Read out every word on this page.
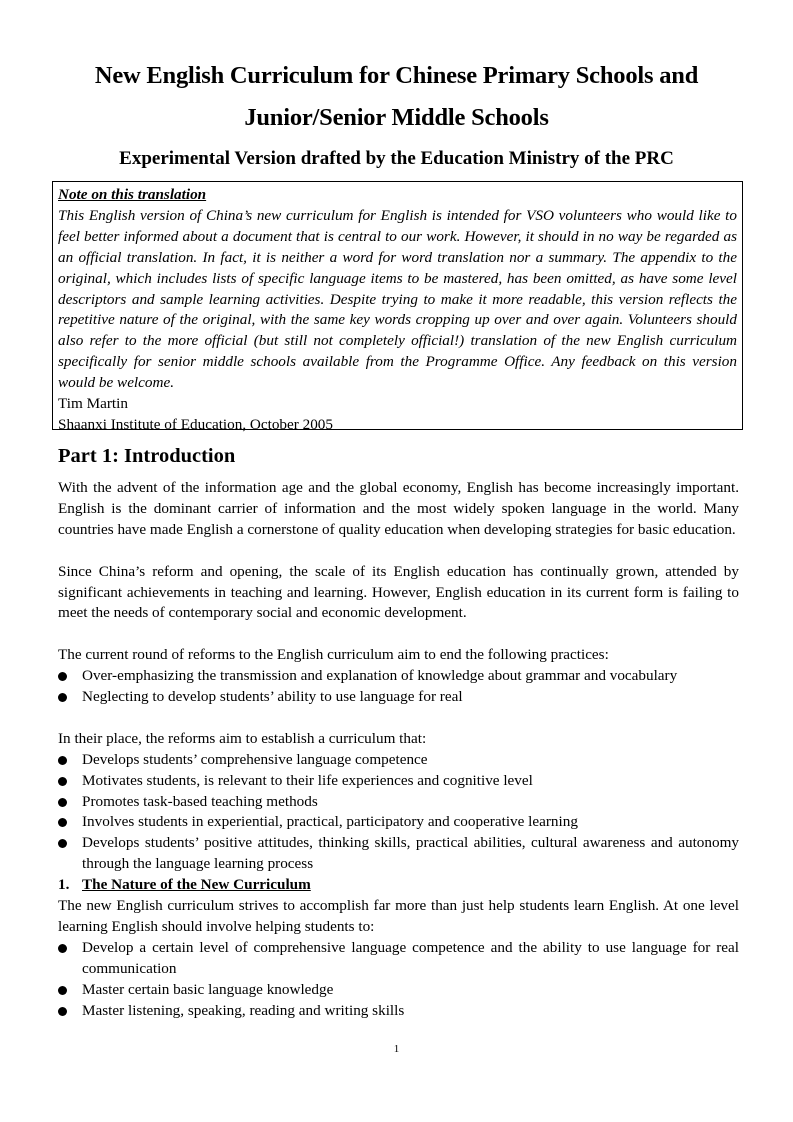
New English Curriculum for Chinese Primary Schools and
Junior/Senior Middle Schools
Experimental Version drafted by the Education Ministry of the PRC
Note on this translation
This English version of China’s new curriculum for English is intended for VSO volunteers who would like to feel better informed about a document that is central to our work. However, it should in no way be regarded as an official translation. In fact, it is neither a word for word translation nor a summary. The appendix to the original, which includes lists of specific language items to be mastered, has been omitted, as have some level descriptors and sample learning activities. Despite trying to make it more readable, this version reflects the repetitive nature of the original, with the same key words cropping up over and over again. Volunteers should also refer to the more official (but still not completely official!) translation of the new English curriculum specifically for senior middle schools available from the Programme Office. Any feedback on this version would be welcome.
Tim Martin
Shaanxi Institute of Education, October 2005
Part 1: Introduction

With the advent of the information age and the global economy, English has become increasingly important. English is the dominant carrier of information and the most widely spoken language in the world. Many countries have made English a cornerstone of quality education when developing strategies for basic education.

Since China’s reform and opening, the scale of its English education has continually grown, attended by significant achievements in teaching and learning. However, English education in its current form is failing to meet the needs of contemporary social and economic development.

The current round of reforms to the English curriculum aim to end the following practices:

Over-emphasizing the transmission and explanation of knowledge about grammar and vocabulary
Neglecting to develop students’ ability to use language for real

In their place, the reforms aim to establish a curriculum that:

Develops students’ comprehensive language competence
Motivates students, is relevant to their life experiences and cognitive level
Promotes task-based teaching methods
Involves students in experiential, practical, participatory and cooperative learning
Develops students’ positive attitudes, thinking skills, practical abilities, cultural awareness and autonomy through the language learning process

1. The Nature of the New Curriculum

The new English curriculum strives to accomplish far more than just help students learn English. At one level learning English should involve helping students to:

Develop a certain level of comprehensive language competence and the ability to use language for real communication
Master certain basic language knowledge
Master listening, speaking, reading and writing skills
1
